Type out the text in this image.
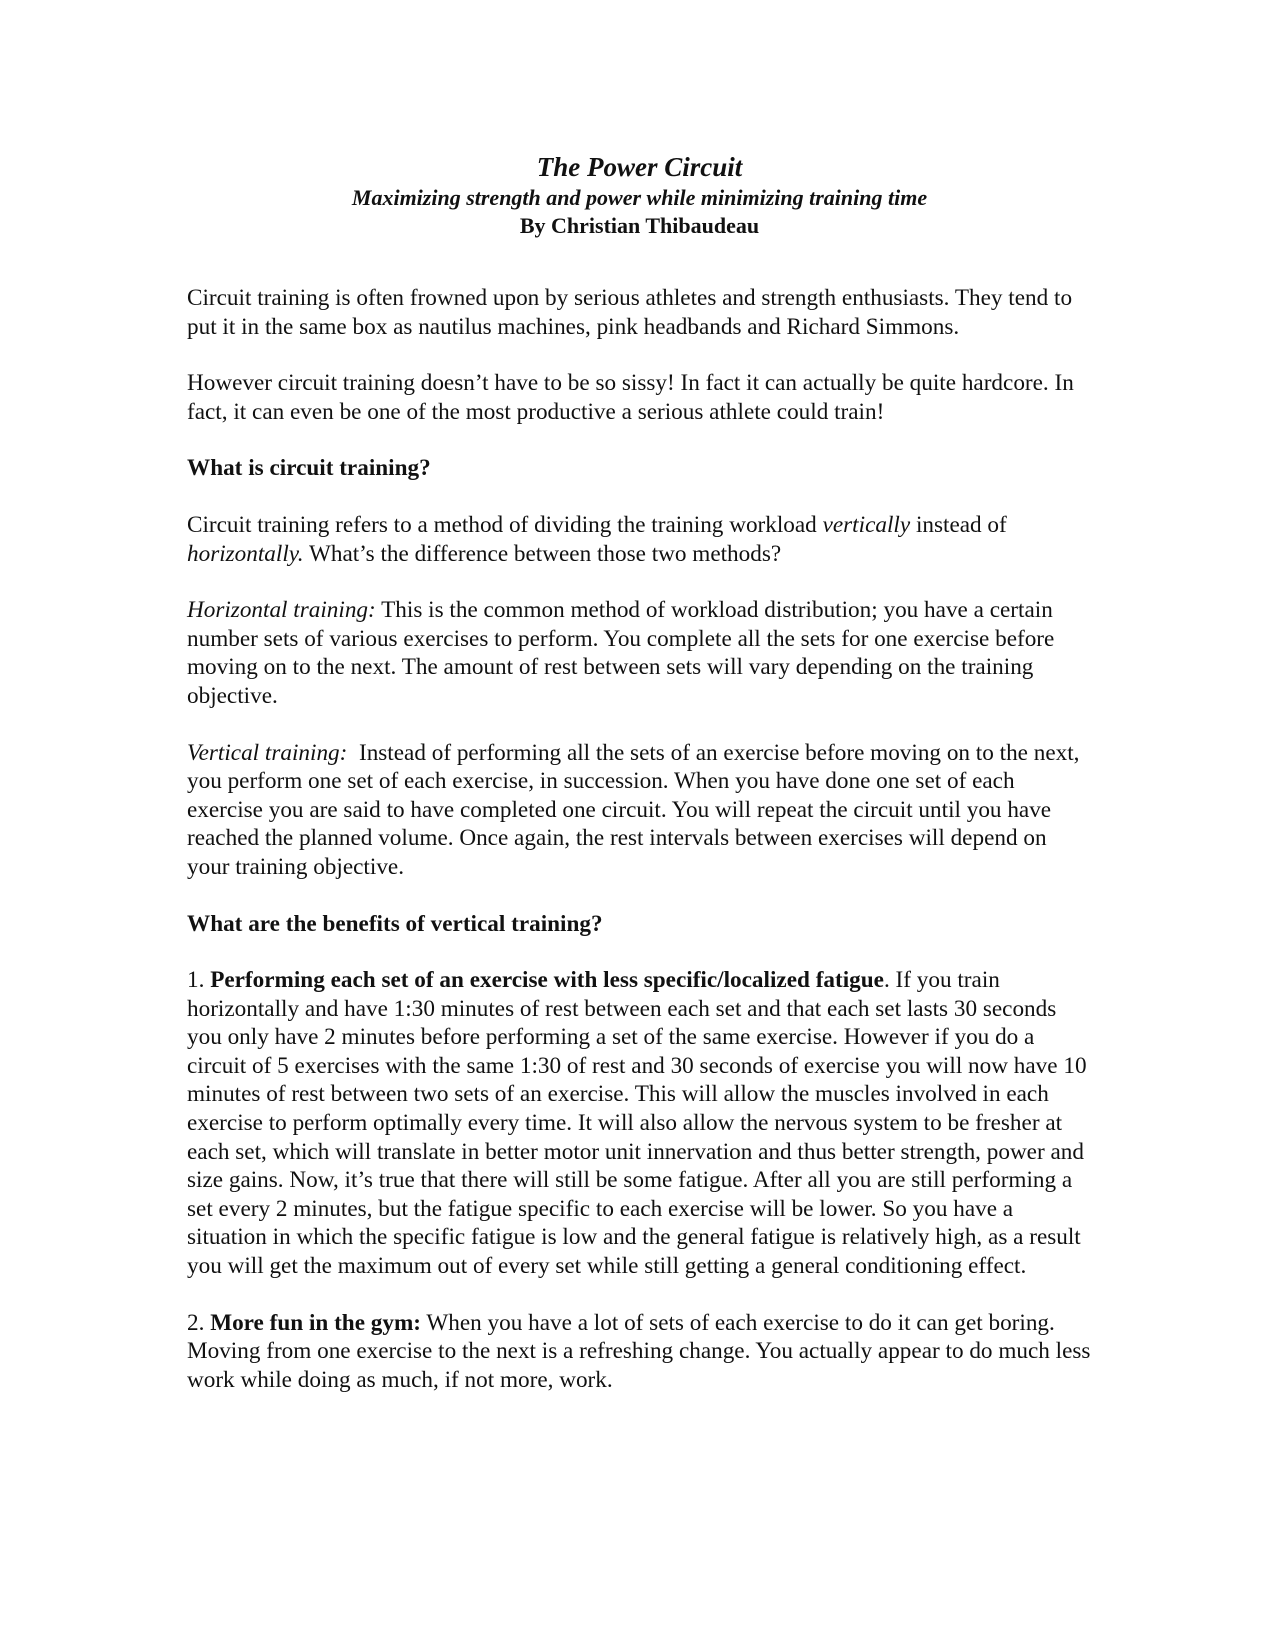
The Power Circuit
Maximizing strength and power while minimizing training time
By Christian Thibaudeau

Circuit training is often frowned upon by serious athletes and strength enthusiasts. They tend to put it in the same box as nautilus machines, pink headbands and Richard Simmons.

However circuit training doesn’t have to be so sissy! In fact it can actually be quite hardcore. In fact, it can even be one of the most productive a serious athlete could train!

What is circuit training?

Circuit training refers to a method of dividing the training workload vertically instead of horizontally. What’s the difference between those two methods?

Horizontal training: This is the common method of workload distribution; you have a certain number sets of various exercises to perform. You complete all the sets for one exercise before moving on to the next. The amount of rest between sets will vary depending on the training objective.

Vertical training:  Instead of performing all the sets of an exercise before moving on to the next, you perform one set of each exercise, in succession. When you have done one set of each exercise you are said to have completed one circuit. You will repeat the circuit until you have reached the planned volume. Once again, the rest intervals between exercises will depend on your training objective.

What are the benefits of vertical training?

1. Performing each set of an exercise with less specific/localized fatigue. If you train horizontally and have 1:30 minutes of rest between each set and that each set lasts 30 seconds you only have 2 minutes before performing a set of the same exercise. However if you do a circuit of 5 exercises with the same 1:30 of rest and 30 seconds of exercise you will now have 10 minutes of rest between two sets of an exercise. This will allow the muscles involved in each exercise to perform optimally every time. It will also allow the nervous system to be fresher at each set, which will translate in better motor unit innervation and thus better strength, power and size gains. Now, it’s true that there will still be some fatigue. After all you are still performing a set every 2 minutes, but the fatigue specific to each exercise will be lower. So you have a situation in which the specific fatigue is low and the general fatigue is relatively high, as a result you will get the maximum out of every set while still getting a general conditioning effect.

2. More fun in the gym: When you have a lot of sets of each exercise to do it can get boring. Moving from one exercise to the next is a refreshing change. You actually appear to do much less work while doing as much, if not more, work.
